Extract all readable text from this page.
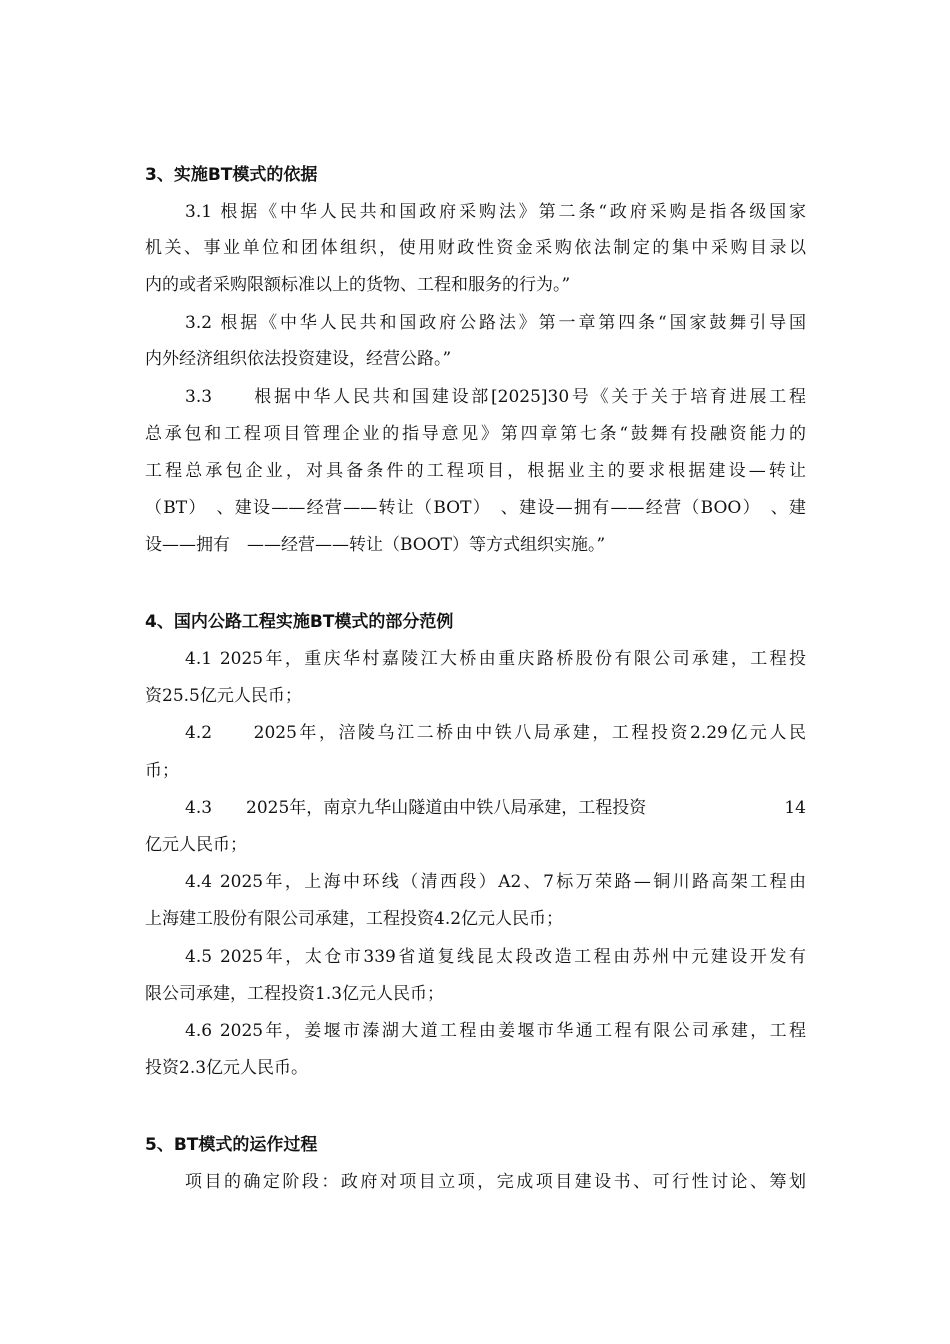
3、实施BT模式的依据
3.1 根据《中华人民共和国政府采购法》第二条“政府采购是指各级国家
机关、事业单位和团体组织，使用财政性资金采购依法制定的集中采购目录以
内的或者采购限额标准以上的货物、工程和服务的行为。”
3.2 根据《中华人民共和国政府公路法》第一章第四条“国家鼓舞引导国
内外经济组织依法投资建设，经营公路。”
3.3　　根据中华人民共和国建设部[2025]30号《关于关于培育进展工程
总承包和工程项目管理企业的指导意见》第四章第七条“鼓舞有投融资能力的
工程总承包企业，对具备条件的工程项目，根据业主的要求根据建设—转让
（BT）　、建设——经营——转让（BOT）　、建设—拥有——经营（BOO）　、建
设——拥有　——经营——转让（BOOT）等方式组织实施。”
4、国内公路工程实施BT模式的部分范例
4.1 2025年，重庆华村嘉陵江大桥由重庆路桥股份有限公司承建，工程投
资25.5亿元人民币；
4.2　　2025年，涪陵乌江二桥由中铁八局承建，工程投资2.29亿元人民
币；
4.3　　2025年，南京九华山隧道由中铁八局承建，工程投资	14
亿元人民币；
4.4 2025年，上海中环线（清西段）A2、7标万荣路—铜川路高架工程由
上海建工股份有限公司承建，工程投资4.2亿元人民币；
4.5 2025年，太仓市339省道复线昆太段改造工程由苏州中元建设开发有
限公司承建，工程投资1.3亿元人民币；
4.6 2025年，姜堰市溱湖大道工程由姜堰市华通工程有限公司承建，工程
投资2.3亿元人民币。
5、BT模式的运作过程
项目的确定阶段：政府对项目立项，完成项目建设书、可行性讨论、筹划
